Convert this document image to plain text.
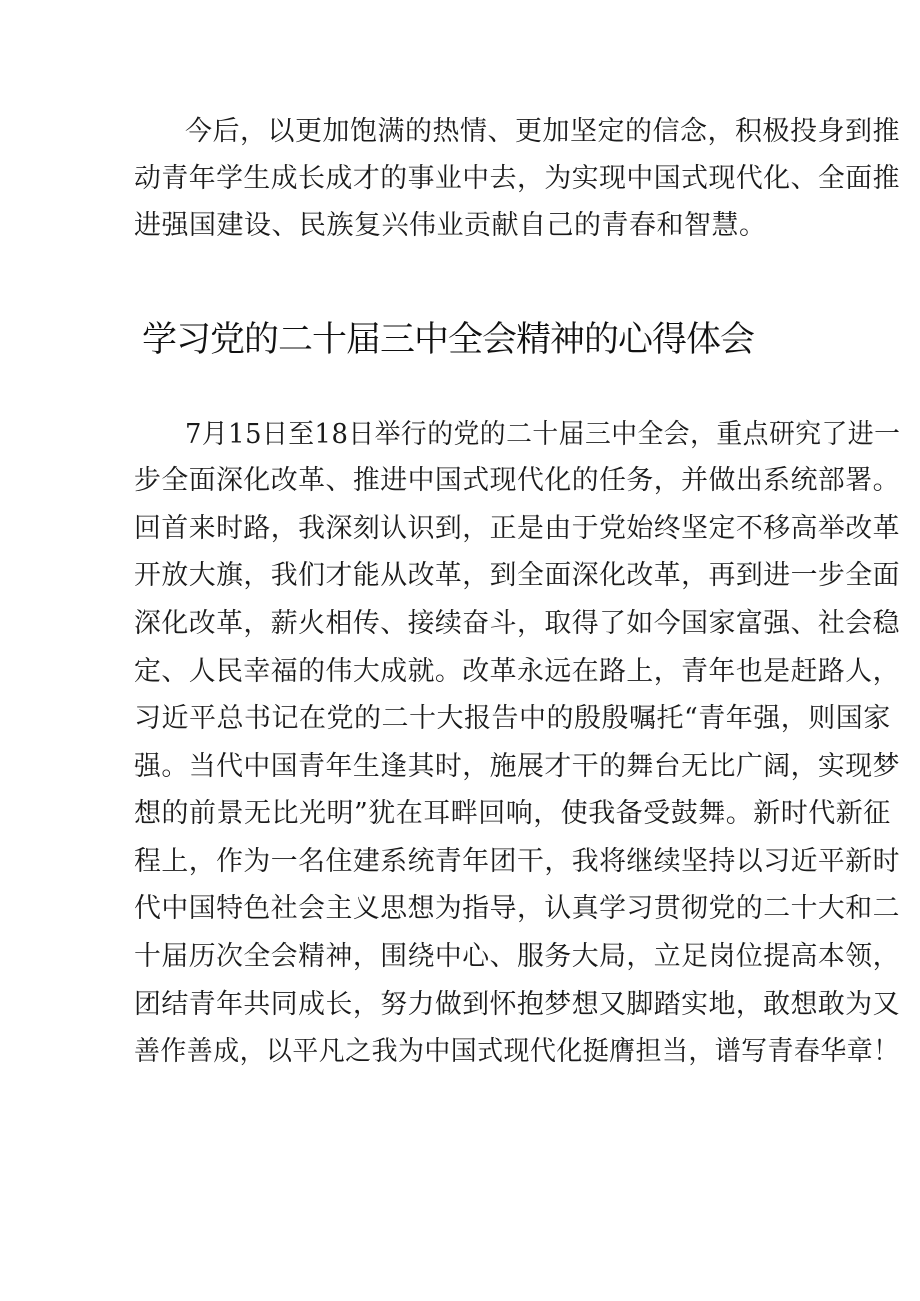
今后，以更加饱满的热情、更加坚定的信念，积极投身到推
动青年学生成长成才的事业中去，为实现中国式现代化、全面推
进强国建设、民族复兴伟业贡献自己的青春和智慧。
学习党的二十届三中全会精神的心得体会
7月15日至18日举行的党的二十届三中全会，重点研究了进一
步全面深化改革、推进中国式现代化的任务，并做出系统部署。
回首来时路，我深刻认识到，正是由于党始终坚定不移高举改革
开放大旗，我们才能从改革，到全面深化改革，再到进一步全面
深化改革，薪火相传、接续奋斗，取得了如今国家富强、社会稳
定、人民幸福的伟大成就。改革永远在路上，青年也是赶路人，
习近平总书记在党的二十大报告中的殷殷嘱托“青年强，则国家
强。当代中国青年生逢其时，施展才干的舞台无比广阔，实现梦
想的前景无比光明”犹在耳畔回响，使我备受鼓舞。新时代新征
程上，作为一名住建系统青年团干，我将继续坚持以习近平新时
代中国特色社会主义思想为指导，认真学习贯彻党的二十大和二
十届历次全会精神，围绕中心、服务大局，立足岗位提高本领，
团结青年共同成长，努力做到怀抱梦想又脚踏实地，敢想敢为又
善作善成，以平凡之我为中国式现代化挺膺担当，谱写青春华章！
